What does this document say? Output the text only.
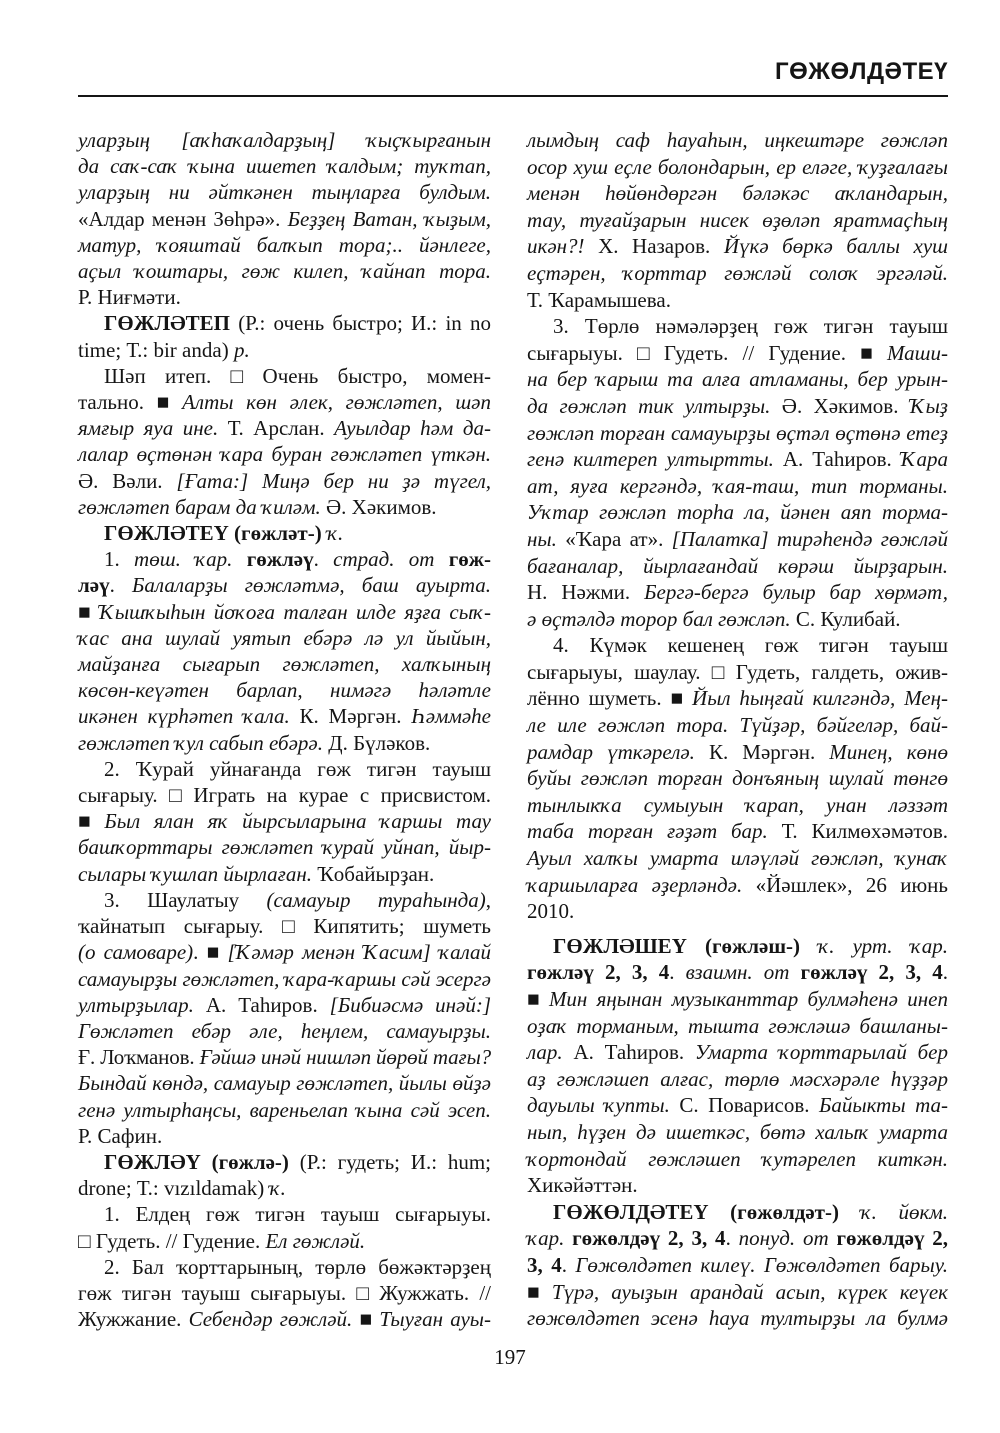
ГӨЖӨЛДӘТЕҮ
уларҙың [аҡһаҡалдарҙың] ҡыҫҡырғанын
да саҡ-саҡ ҡына ишетеп ҡалдым; туҡтап,
уларҙың ни әйткәнен тыңларға булдым.
«Алдар менән Зөһрә». Беҙҙең Ватан, ҡыҙым,
матур, ҡояштай балҡып тора;.. йәнлеге,
аҫыл ҡоштары, гөж килеп, ҡайнап тора.
Р. Ниғмәти.
ГӨЖЛӘТЕП (Р.: очень быстро; И.: in no
time; Т.: bir anda) р.
Шәп итеп. □ Очень быстро, момен-
тально. ■ Алты көн әлек, гөжләтеп, шәп
ямғыр яуа ине. Т. Арслан. Ауылдар һәм да-
лалар өҫтөнән ҡара буран гөжләтеп үткән.
Ә. Вәли. [Ғата:] Миңә бер ни ҙә түгел,
гөжләтеп барам да ҡиләм. Ә. Хәкимов.
ГӨЖЛӘТЕҮ (гөжләт-) ҡ.
1. төш. ҡар. гөжләү. страд. от гөж-
ләү. Балаларҙы гөжләтмә, баш ауырта.
■ Ҡышҡыһын йоҡоға талған илде яҙға сыҡ-
ҡас ана шулай уятып ебәрә лә ул йыйын,
майҙанға сығарып гөжләтеп, халҡының
көсөн-кеүәтен барлап, нимәгә һәләтле
икәнен күрһәтеп ҡала. К. Мәргән. Һәммәһе
гөжләтеп ҡул сабып ебәрә. Д. Бүләков.
2. Ҡурай уйнағанда гөж тигән тауыш
сығарыу. □ Играть на курае с присвистом.
■ Был ялан яҡ йырсыларына ҡаршы тау
башҡорттары гөжләтеп ҡурай уйнап, йыр-
сылары ҡушлап йырлаған. Ҡобайырҙан.
3. Шаулатыу (самауыр тураһында),
ҡайнатып сығарыу. □ Кипятить; шуметь
(о самоваре). ■ [Ҡәмәр менән Ҡасим] ҡалай
самауырҙы гөжләтеп, ҡара-ҡаршы сәй эсергә
ултырҙылар. А. Таһиров. [Бибиәсмә инәй:]
Гөжләтеп ебәр әле, һеңлем, самауырҙы.
Ғ. Лоҡманов. Ғәйшә инәй нишләп йөрөй тағы?
Бындай көндә, самауыр гөжләтеп, йылы өйҙә
генә ултырһаңсы, вареньелап ҡына сәй эсеп.
Р. Сафин.
ГӨЖЛӘҮ (гөжлә-) (Р.: гудеть; И.: hum;
drone; Т.: vızıldamak) ҡ.
1. Елдең гөж тигән тауыш сығарыуы.
□ Гудеть. // Гудение. Ел гөжләй.
2. Бал ҡорттарының, төрлө бөжәктәрҙең
гөж тигән тауыш сығарыуы. □ Жужжать. //
Жужжание. Себендәр гөжләй. ■ Тыуған ауы-
лымдың саф һауаһын, иңкештәре гөжләп
осор хуш еҫле болондарын, ер еләге, ҡуҙғалағы
менән һөйөндөргән бәләкәс аҡландарын,
тау, туғайҙарын нисек өҙөләп яратмаҫһың
икән?! Х. Назаров. Йүкә бөркә баллы хуш
еҫтәрен, ҡорттар гөжләй солоҡ эргәләй.
Т. Ҡарамышева.
3. Төрлө нәмәләрҙең гөж тигән тауыш
сығарыуы. □ Гудеть. // Гудение. ■ Маши-
на бер ҡарыш та алға атламаны, бер урын-
да гөжләп тик ултырҙы. Ә. Хәкимов. Ҡыҙ
гөжләп торған самауырҙы өҫтәл өҫтөнә етеҙ
генә килтереп ултыртты. А. Таһиров. Ҡара
ат, яуға кергәндә, ҡая-таш, тип торманы.
Уҡтар гөжләп торһа ла, йәнен аяп торма-
ны. «Ҡара ат». [Палатка] тирәһендә гөжләй
бағаналар, йырлағандай көрәш йырҙарын.
Н. Нәжми. Бергә-бергә булыр бар хөрмәт,
ә өҫтәлдә торор бал гөжләп. С. Кулибай.
4. Күмәк кешенең гөж тигән тауыш
сығарыуы, шаулау. □ Гудеть, галдеть, ожив-
лённо шуметь. ■ Йыл һыңғай килгәндә, Мең-
ле иле гөжләп тора. Түйҙәр, бәйгеләр, бай-
рамдар үткәрелә. К. Мәргән. Минең, көнө
буйы гөжләп торған донъяның шулай төнгө
тынлыкҡа сумыуын ҡарап, унан ләззәт
таба торған ғәҙәт бар. Т. Килмөхәмәтов.
Ауыл халҡы умарта иләүләй гөжләп, ҡунаҡ
ҡаршыларға әҙерләндә. «Йәшлек», 26 июнь
2010.
ГӨЖЛӘШЕҮ (гөжләш-) ҡ. урт. ҡар.
гөжләү 2, 3, 4. взаимн. от гөжләү 2, 3, 4.
■ Мин яңынан музыканттар булмәһенә инеп
оҙаҡ торманым, тышта гөжләшә башланы-
лар. А. Таһиров. Умарта ҡорттарылай бер
аҙ гөжләшеп алғас, төрлө мәсхәрәле һүҙҙәр
дауылы ҡупты. С. Поварисов. Байыкты та-
нып, һүҙен дә ишеткәс, бөтә халыҡ умарта
ҡортондай гөжләшеп ҡутәрелеп киткән.
Хикәйәттән.
ГӨЖӨЛДӘТЕҮ (гөжөлдәт-) ҡ. йөкм.
ҡар. гөжөлдәү 2, 3, 4. понуд. от гөжөлдәү 2,
3, 4. Гөжөлдәтеп килеү. Гөжөлдәтеп барыу.
■ Түрә, ауыҙын арандай асып, күрек кеүек
гөжөлдәтеп эсенә һауа тултырҙы ла булмә
197
